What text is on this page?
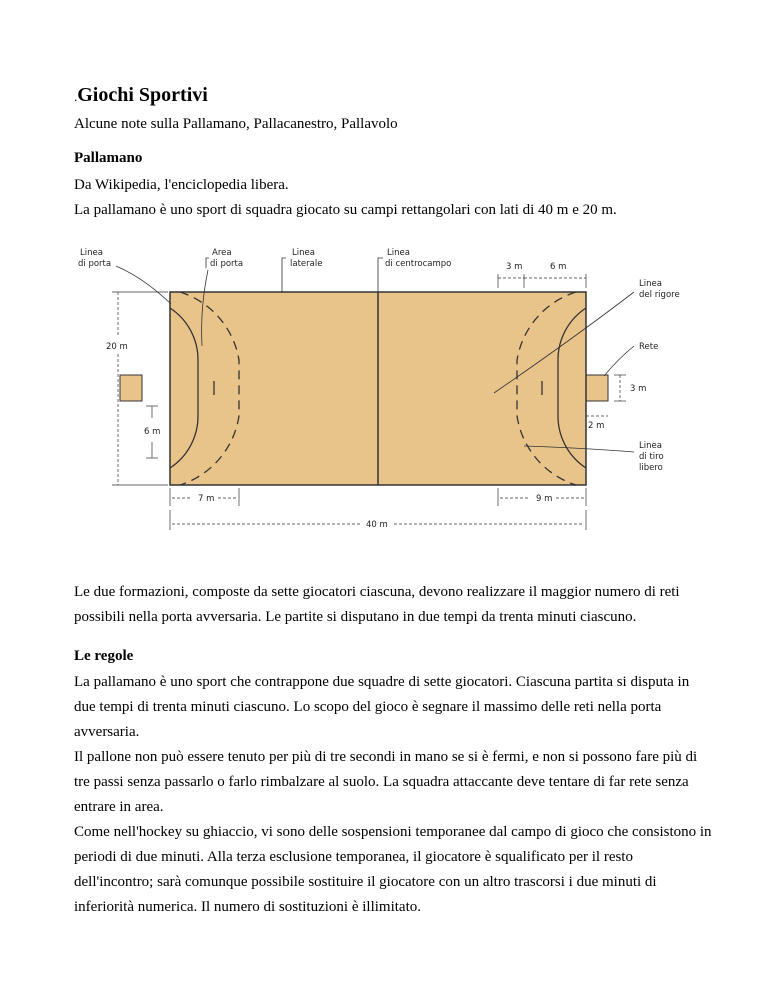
.Giochi Sportivi
Alcune note sulla Pallamano, Pallacanestro, Pallavolo
Pallamano
Da Wikipedia, l'enciclopedia libera.
La pallamano è uno sport di squadra giocato su campi rettangolari con lati di 40 m e 20 m.
Linea
di porta
Area
di porta
Linea
laterale
Linea
di centrocampo	3 m	6 m
Linea
del rigore
Rete
3 m
2 m
Linea
di tiro
libero
20 m
6 m
7 m	9 m
40 m

Le due formazioni, composte da sette giocatori ciascuna, devono realizzare il maggior numero di reti possibili nella porta avversaria. Le partite si disputano in due tempi da trenta minuti ciascuno.

Le regole

La pallamano è uno sport che contrappone due squadre di sette giocatori. Ciascuna partita si disputa in due tempi di trenta minuti ciascuno. Lo scopo del gioco è segnare il massimo delle reti nella porta avversaria.

Il pallone non può essere tenuto per più di tre secondi in mano se si è fermi, e non si possono fare più di tre passi senza passarlo o farlo rimbalzare al suolo. La squadra attaccante deve tentare di far rete senza entrare in area.

Come nell'hockey su ghiaccio, vi sono delle sospensioni temporanee dal campo di gioco che consistono in periodi di due minuti. Alla terza esclusione temporanea, il giocatore è squalificato per il resto dell'incontro; sarà comunque possibile sostituire il giocatore con un altro trascorsi i due minuti di inferiorità numerica. Il numero di sostituzioni è illimitato.
